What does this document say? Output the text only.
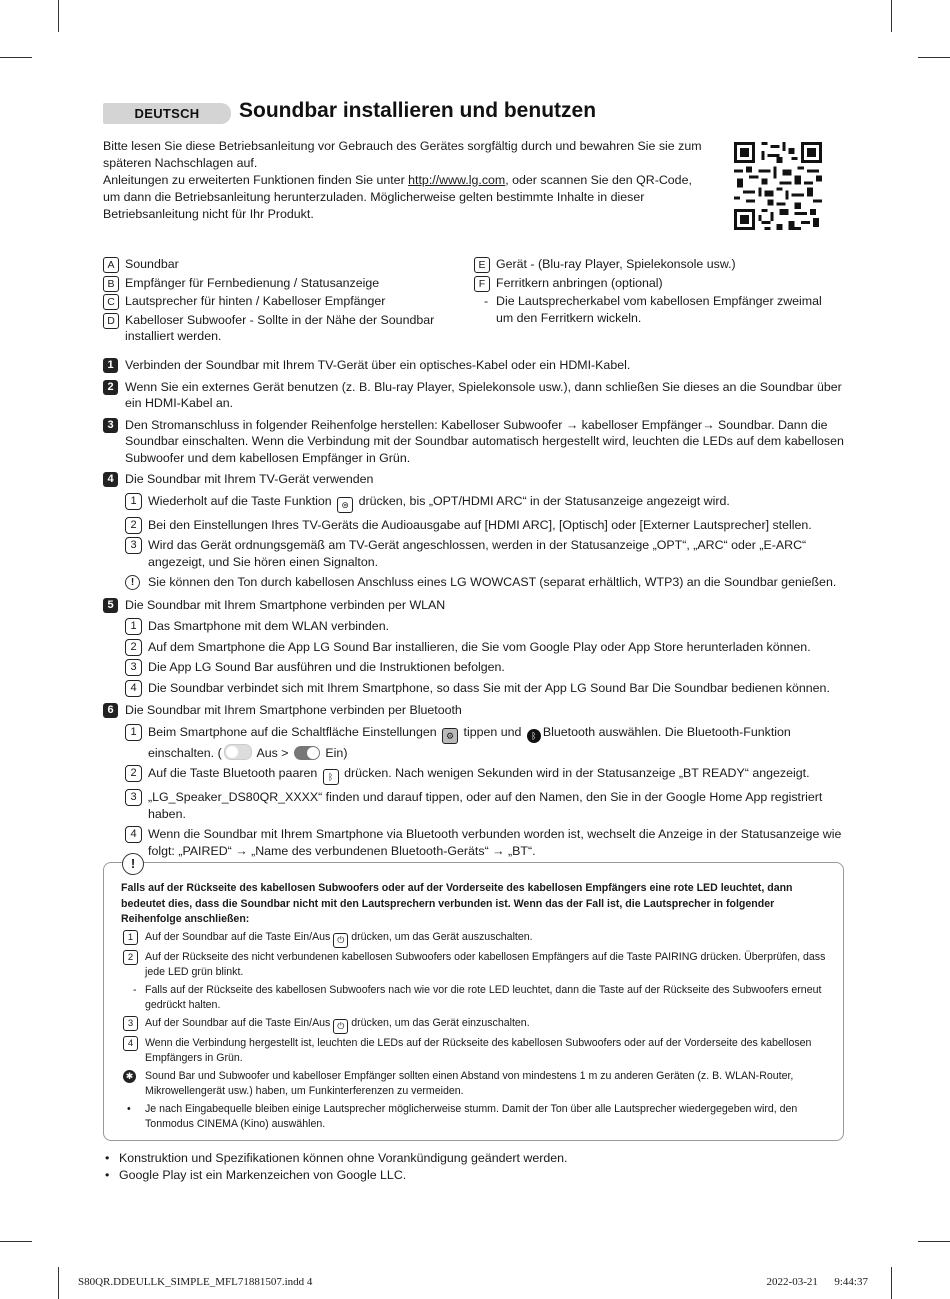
DEUTSCH	Soundbar installieren und benutzen

Bitte lesen Sie diese Betriebsanleitung vor Gebrauch des Gerätes sorgfältig durch und bewahren Sie sie zum späteren Nachschlagen auf.

Anleitungen zu erweiterten Funktionen finden Sie unter http://www.lg.com, oder scannen Sie den QR-Code, um dann die Betriebsanleitung herunterzuladen. Möglicherweise gelten bestimmte Inhalte in dieser Betriebsanleitung nicht für Ihr Produkt.

A Soundbar
B Empfänger für Fernbedienung / Statusanzeige
C Lautsprecher für hinten / Kabelloser Empfänger
D Kabelloser Subwoofer - Sollte in der Nähe der Soundbar installiert werden.
E Gerät - (Blu-ray Player, Spielekonsole usw.)
F Ferritkern anbringen (optional)
- Die Lautsprecherkabel vom kabellosen Empfänger zweimal um den Ferritkern wickeln.
1 Verbinden der Soundbar mit Ihrem TV-Gerät über ein optisches-Kabel oder ein HDMI-Kabel.
2 Wenn Sie ein externes Gerät benutzen (z. B. Blu-ray Player, Spielekonsole usw.), dann schließen Sie dieses an die Soundbar über ein HDMI-Kabel an.
3 Den Stromanschluss in folgender Reihenfolge herstellen: Kabelloser Subwoofer → kabelloser Empfänger→ Soundbar. Dann die Soundbar einschalten. Wenn die Verbindung mit der Soundbar automatisch hergestellt wird, leuchten die LEDs auf dem kabellosen Subwoofer und dem kabellosen Empfänger in Grün.
4 Die Soundbar mit Ihrem TV-Gerät verwenden
1 Wiederholt auf die Taste Funktion ⊜ drücken, bis „OPT/HDMI ARC“ in der Statusanzeige angezeigt wird.
2 Bei den Einstellungen Ihres TV-Geräts die Audioausgabe auf [HDMI ARC], [Optisch] oder [Externer Lautsprecher] stellen.
3 Wird das Gerät ordnungsgemäß am TV-Gerät angeschlossen, werden in der Statusanzeige „OPT“, „ARC“ oder „E-ARC“ angezeigt, und Sie hören einen Signalton.
!	Sie können den Ton durch kabellosen Anschluss eines LG WOWCAST (separat erhältlich, WTP3) an die Soundbar genießen.
5 Die Soundbar mit Ihrem Smartphone verbinden per WLAN
1 Das Smartphone mit dem WLAN verbinden.
2 Auf dem Smartphone die App LG Sound Bar installieren, die Sie vom Google Play oder App Store herunterladen können.
3 Die App LG Sound Bar ausführen und die Instruktionen befolgen.
4 Die Soundbar verbindet sich mit Ihrem Smartphone, so dass Sie mit der App LG Sound Bar Die Soundbar bedienen können.
6 Die Soundbar mit Ihrem Smartphone verbinden per Bluetooth
1 Beim Smartphone auf die Schaltfläche Einstellungen ⚙ tippen und ᛒ Bluetooth auswählen. Die Bluetooth-Funktion einschalten. (	Aus >	Ein)
2 Auf die Taste Bluetooth paaren ᛒ drücken. Nach wenigen Sekunden wird in der Statusanzeige „BT READY“ angezeigt.
3 „LG_Speaker_DS80QR_XXXX“ finden und darauf tippen, oder auf den Namen, den Sie in der Google Home App registriert haben.
4 Wenn die Soundbar mit Ihrem Smartphone via Bluetooth verbunden worden ist, wechselt die Anzeige in der Statusanzeige wie folgt: „PAIRED“ → „Name des verbundenen Bluetooth-Geräts“ → „BT“.
!

Falls auf der Rückseite des kabellosen Subwoofers oder auf der Vorderseite des kabellosen Empfängers eine rote LED leuchtet, dann bedeutet dies, dass die Soundbar nicht mit den Lautsprechern verbunden ist. Wenn das der Fall ist, die Lautsprecher in folgender Reihenfolge anschließen:

1	Auf der Soundbar auf die Taste Ein/Aus ⏻ drücken, um das Gerät auszuschalten.
2	Auf der Rückseite des nicht verbundenen kabellosen Subwoofers oder kabellosen Empfängers auf die Taste PAIRING drücken. Überprüfen, dass jede LED grün blinkt.
- Falls auf der Rückseite des kabellosen Subwoofers nach wie vor die rote LED leuchtet, dann die Taste auf der Rückseite des Subwoofers erneut gedrückt halten.
3	Auf der Soundbar auf die Taste Ein/Aus ⏻ drücken, um das Gerät einzuschalten.
4	Wenn die Verbindung hergestellt ist, leuchten die LEDs auf der Rückseite des kabellosen Subwoofers oder auf der Vorderseite des kabellosen Empfängers in Grün.
✱ Sound Bar und Subwoofer und kabelloser Empfänger sollten einen Abstand von mindestens 1 m zu anderen Geräten (z. B. WLAN-Router, Mikrowellengerät usw.) haben, um Funkinterferenzen zu vermeiden.
• Je nach Eingabequelle bleiben einige Lautsprecher möglicherweise stumm. Damit der Ton über alle Lautsprecher wiedergegeben wird, den Tonmodus CINEMA (Kino) auswählen.
• Konstruktion und Spezifikationen können ohne Vorankündigung geändert werden.
• Google Play ist ein Markenzeichen von Google LLC.
S80QR.DDEULLK_SIMPLE_MFL71881507.indd 4	2022-03-21 9:44:37
